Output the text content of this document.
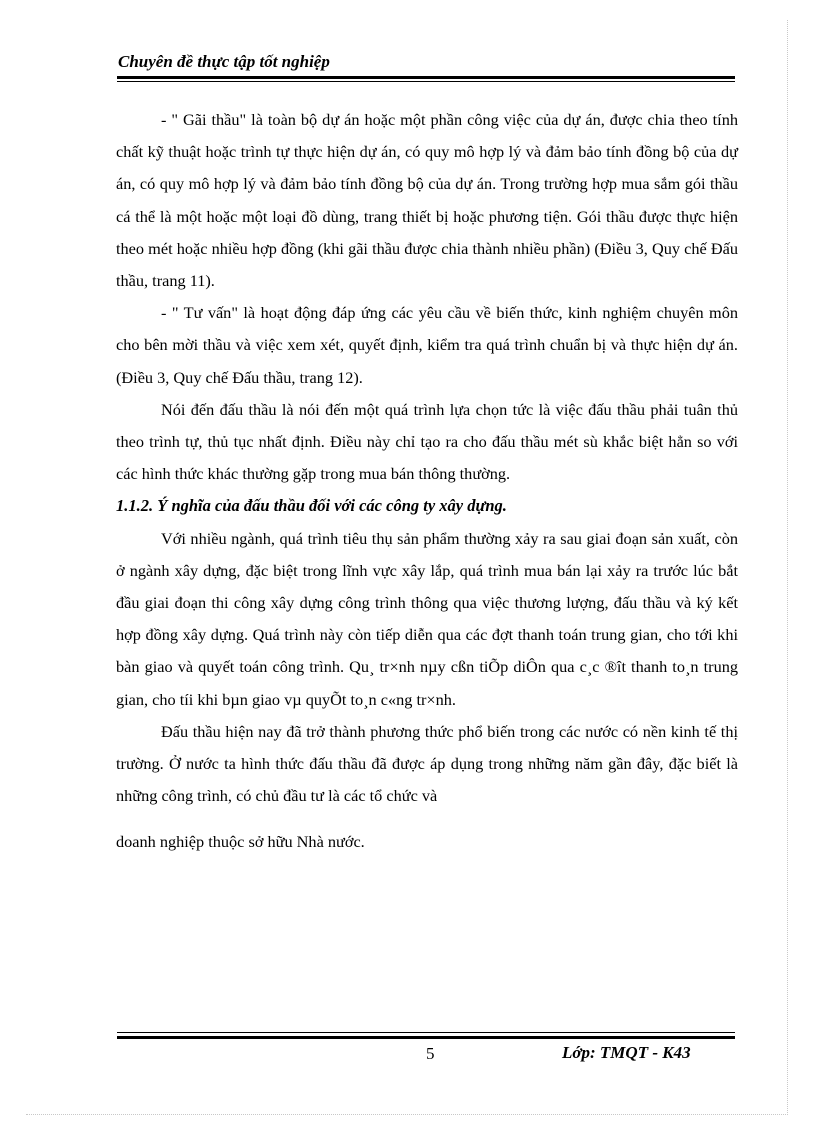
Chuyên đề thực tập tốt nghiệp

- " Gãi thầu" là toàn bộ dự án hoặc một phần công việc của dự án, được chia theo tính chất kỹ thuật hoặc trình tự thực hiện dự án, có quy mô hợp lý và đảm bảo tính đồng bộ của dự án, có quy mô hợp lý và đảm bảo tính đồng bộ của dự án. Trong trường hợp mua sắm gói thầu cá thể là một hoặc một loại đồ dùng, trang thiết bị hoặc phương tiện. Gói thầu được thực hiện theo mét hoặc nhiều hợp đồng (khi gãi thầu được chia thành nhiều phần) (Điều 3, Quy chế Đấu thầu, trang 11).

- " Tư vấn" là hoạt động đáp ứng các yêu cầu về biến thức, kinh nghiệm chuyên môn cho bên mời thầu và việc xem xét, quyết định, kiểm tra quá trình chuẩn bị và thực hiện dự án. (Điều 3, Quy chế Đấu thầu, trang 12).

Nói đến đấu thầu là nói đến một quá trình lựa chọn tức là việc đấu thầu phải tuân thủ theo trình tự, thủ tục nhất định. Điều này chỉ tạo ra cho đấu thầu mét sù khắc biệt hẳn so với các hình thức khác thường gặp trong mua bán thông thường.

1.1.2. Ý nghĩa của đấu thầu đối với các công ty xây dựng.

Với nhiều ngành, quá trình tiêu thụ sản phẩm thường xảy ra sau giai đoạn sản xuất, còn ở ngành xây dựng, đặc biệt trong lĩnh vực xây lắp, quá trình mua bán lại xảy ra trước lúc bắt đầu giai đoạn thi công xây dựng công trình thông qua việc thương lượng, đấu thầu và ký kết hợp đồng xây dựng. Quá trình này còn tiếp diễn qua các đợt thanh toán trung gian, cho tới khi bàn giao và quyết toán công trình. Qu¸ tr×nh nµy cßn tiÕp diÔn qua c¸c ®ît thanh to¸n trung gian, cho tíi khi bµn giao vµ quyÕt to¸n c«ng tr×nh.

Đấu thầu hiện nay đã trở thành phương thức phổ biến trong các nước có nền kinh tế thị trường. Ở nước ta hình thức đấu thầu đã được áp dụng trong những năm gần đây, đặc biết là những công trình, có chủ đầu tư là các tổ chức và

doanh nghiệp thuộc sở hữu Nhà nước.

5	Lớp: TMQT - K43
